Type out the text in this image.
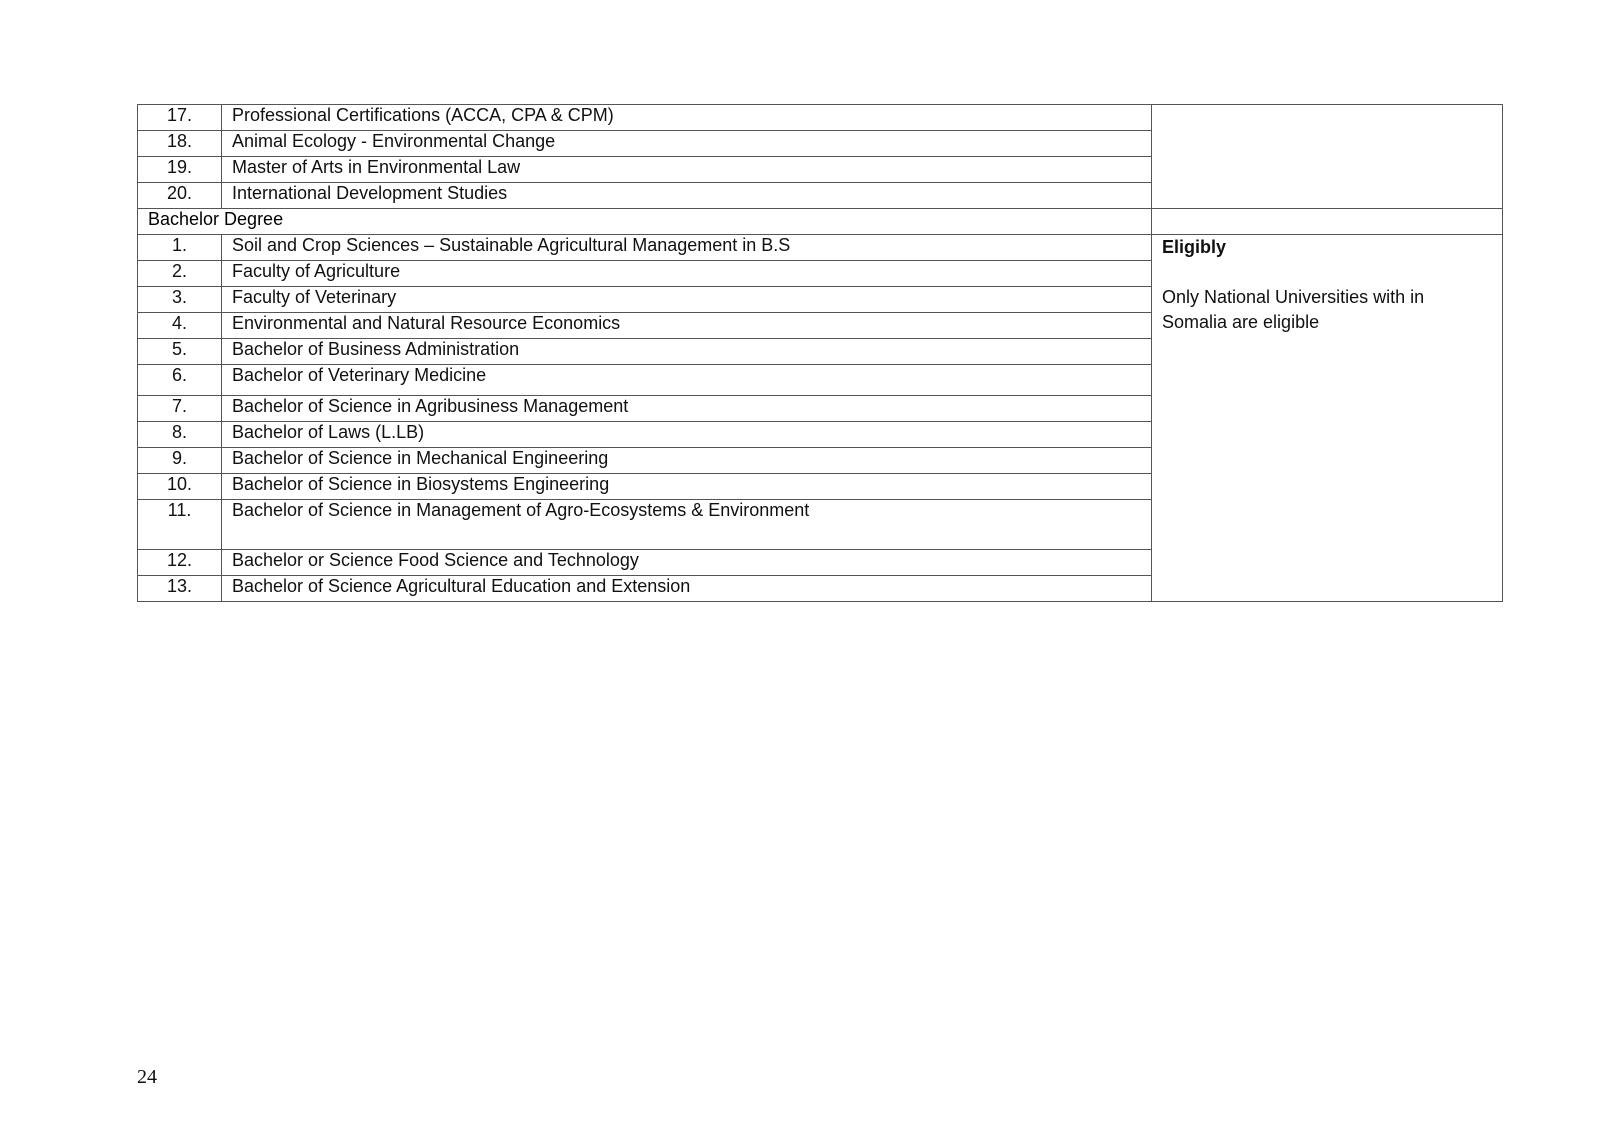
17.	Professional Certifications (ACCA, CPA & CPM)	
18.	Animal Ecology - Environmental Change	
19.	Master of Arts in Environmental Law	
20.	International Development Studies	
Bachelor Degree		
1.	Soil and Crop Sciences – Sustainable Agricultural Management in B.S	Eligibly
Only National Universities with in Somalia are eligible

2.	Faculty of Agriculture	
3.	Faculty of Veterinary	
4.	Environmental and Natural Resource Economics	
5.	Bachelor of Business Administration	
6.	Bachelor of Veterinary Medicine	
7.	Bachelor of Science in Agribusiness Management	
8.	Bachelor of Laws (L.LB)	
9.	Bachelor of Science in Mechanical Engineering	
10.	Bachelor of Science in Biosystems Engineering	
11.	Bachelor of Science in Management of Agro-Ecosystems & Environment	
12.	Bachelor or Science Food Science and Technology	
13.	Bachelor of Science Agricultural Education and Extension	
24
